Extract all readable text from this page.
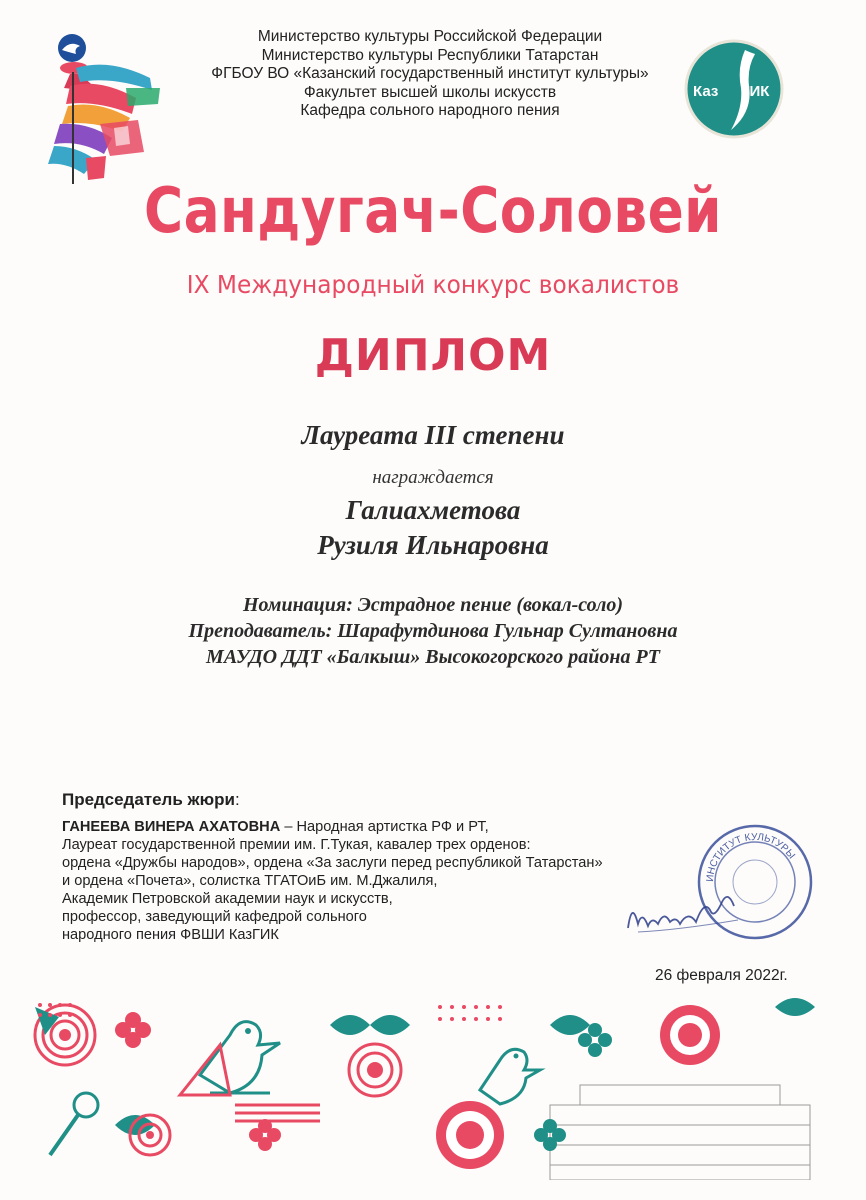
Министерство культуры Российской Федерации
Министерство культуры Республики Татарстан
ФГБОУ ВО «Казанский государственный институт культуры»
Факультет высшей школы искусств
Кафедра сольного народного пения
Каз ГИК
Сандугач-Соловей
IX Международный конкурс вокалистов
ДИПЛОМ
Лауреата III степени
награждается
Галиахметова
Рузиля Ильнаровна
Номинация: Эстрадное пение (вокал-соло)
Преподаватель: Шарафутдинова Гульнар Султановна
МАУДО ДДТ «Балкыш» Высокогорского района РТ
Председатель жюри:
ГАНЕЕВА ВИНЕРА АХАТОВНА – Народная артистка РФ и РТ,
Лауреат государственной премии им. Г.Тукая, кавалер трех орденов:
ордена «Дружбы народов», ордена «За заслуги перед республикой Татарстан»
и ордена «Почета», солистка ТГАТОиБ им. М.Джалиля,
Академик Петровской академии наук и искусств,
профессор, заведующий кафедрой сольного
народного пения ФВШИ КазГИК
ИНСТИТУТ КУЛЬТУРЫ
26 февраля 2022г.
